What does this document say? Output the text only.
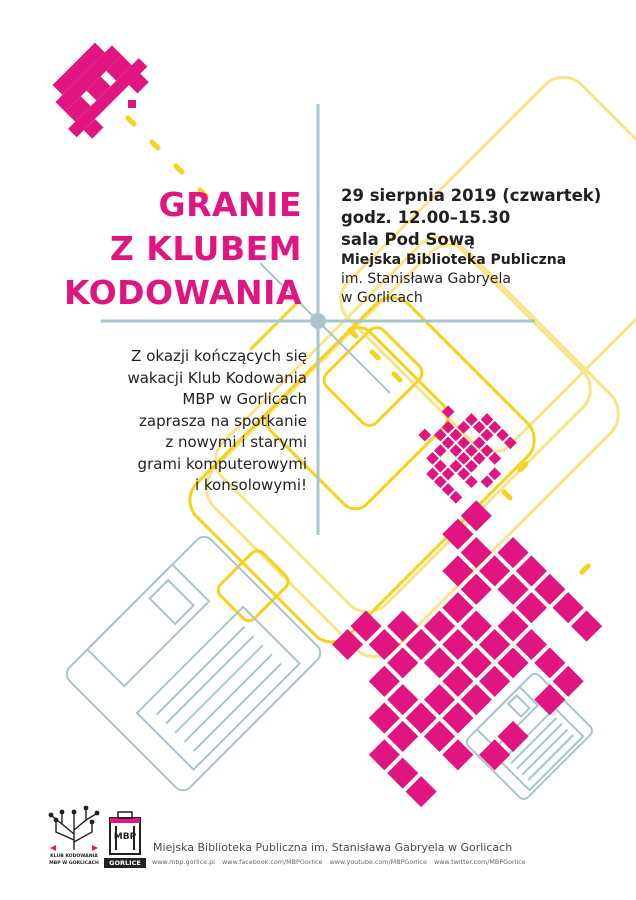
GRANIE
Z KLUBEM
KODOWANIA
29 sierpnia 2019 (czwartek)
godz. 12.00–15.30
sala Pod Sową
Miejska Biblioteka Publiczna
im. Stanisława Gabryela
w Gorlicach
Z okazji kończących się
wakacji Klub Kodowania
MBP w Gorlicach
zaprasza na spotkanie
z nowymi i starymi
grami komputerowymi
i konsolowymi!
KLUB KODOWANIA
MBP W GORLICACH
MBP
GORLICE
Miejska Biblioteka Publiczna im. Stanisława Gabryela w Gorlicach
www.mbp.gorlice.pl www.facebook.com/MBPGorlice www.youtube.com/MBPGorlice www.twitter.com/MBPGorlice
